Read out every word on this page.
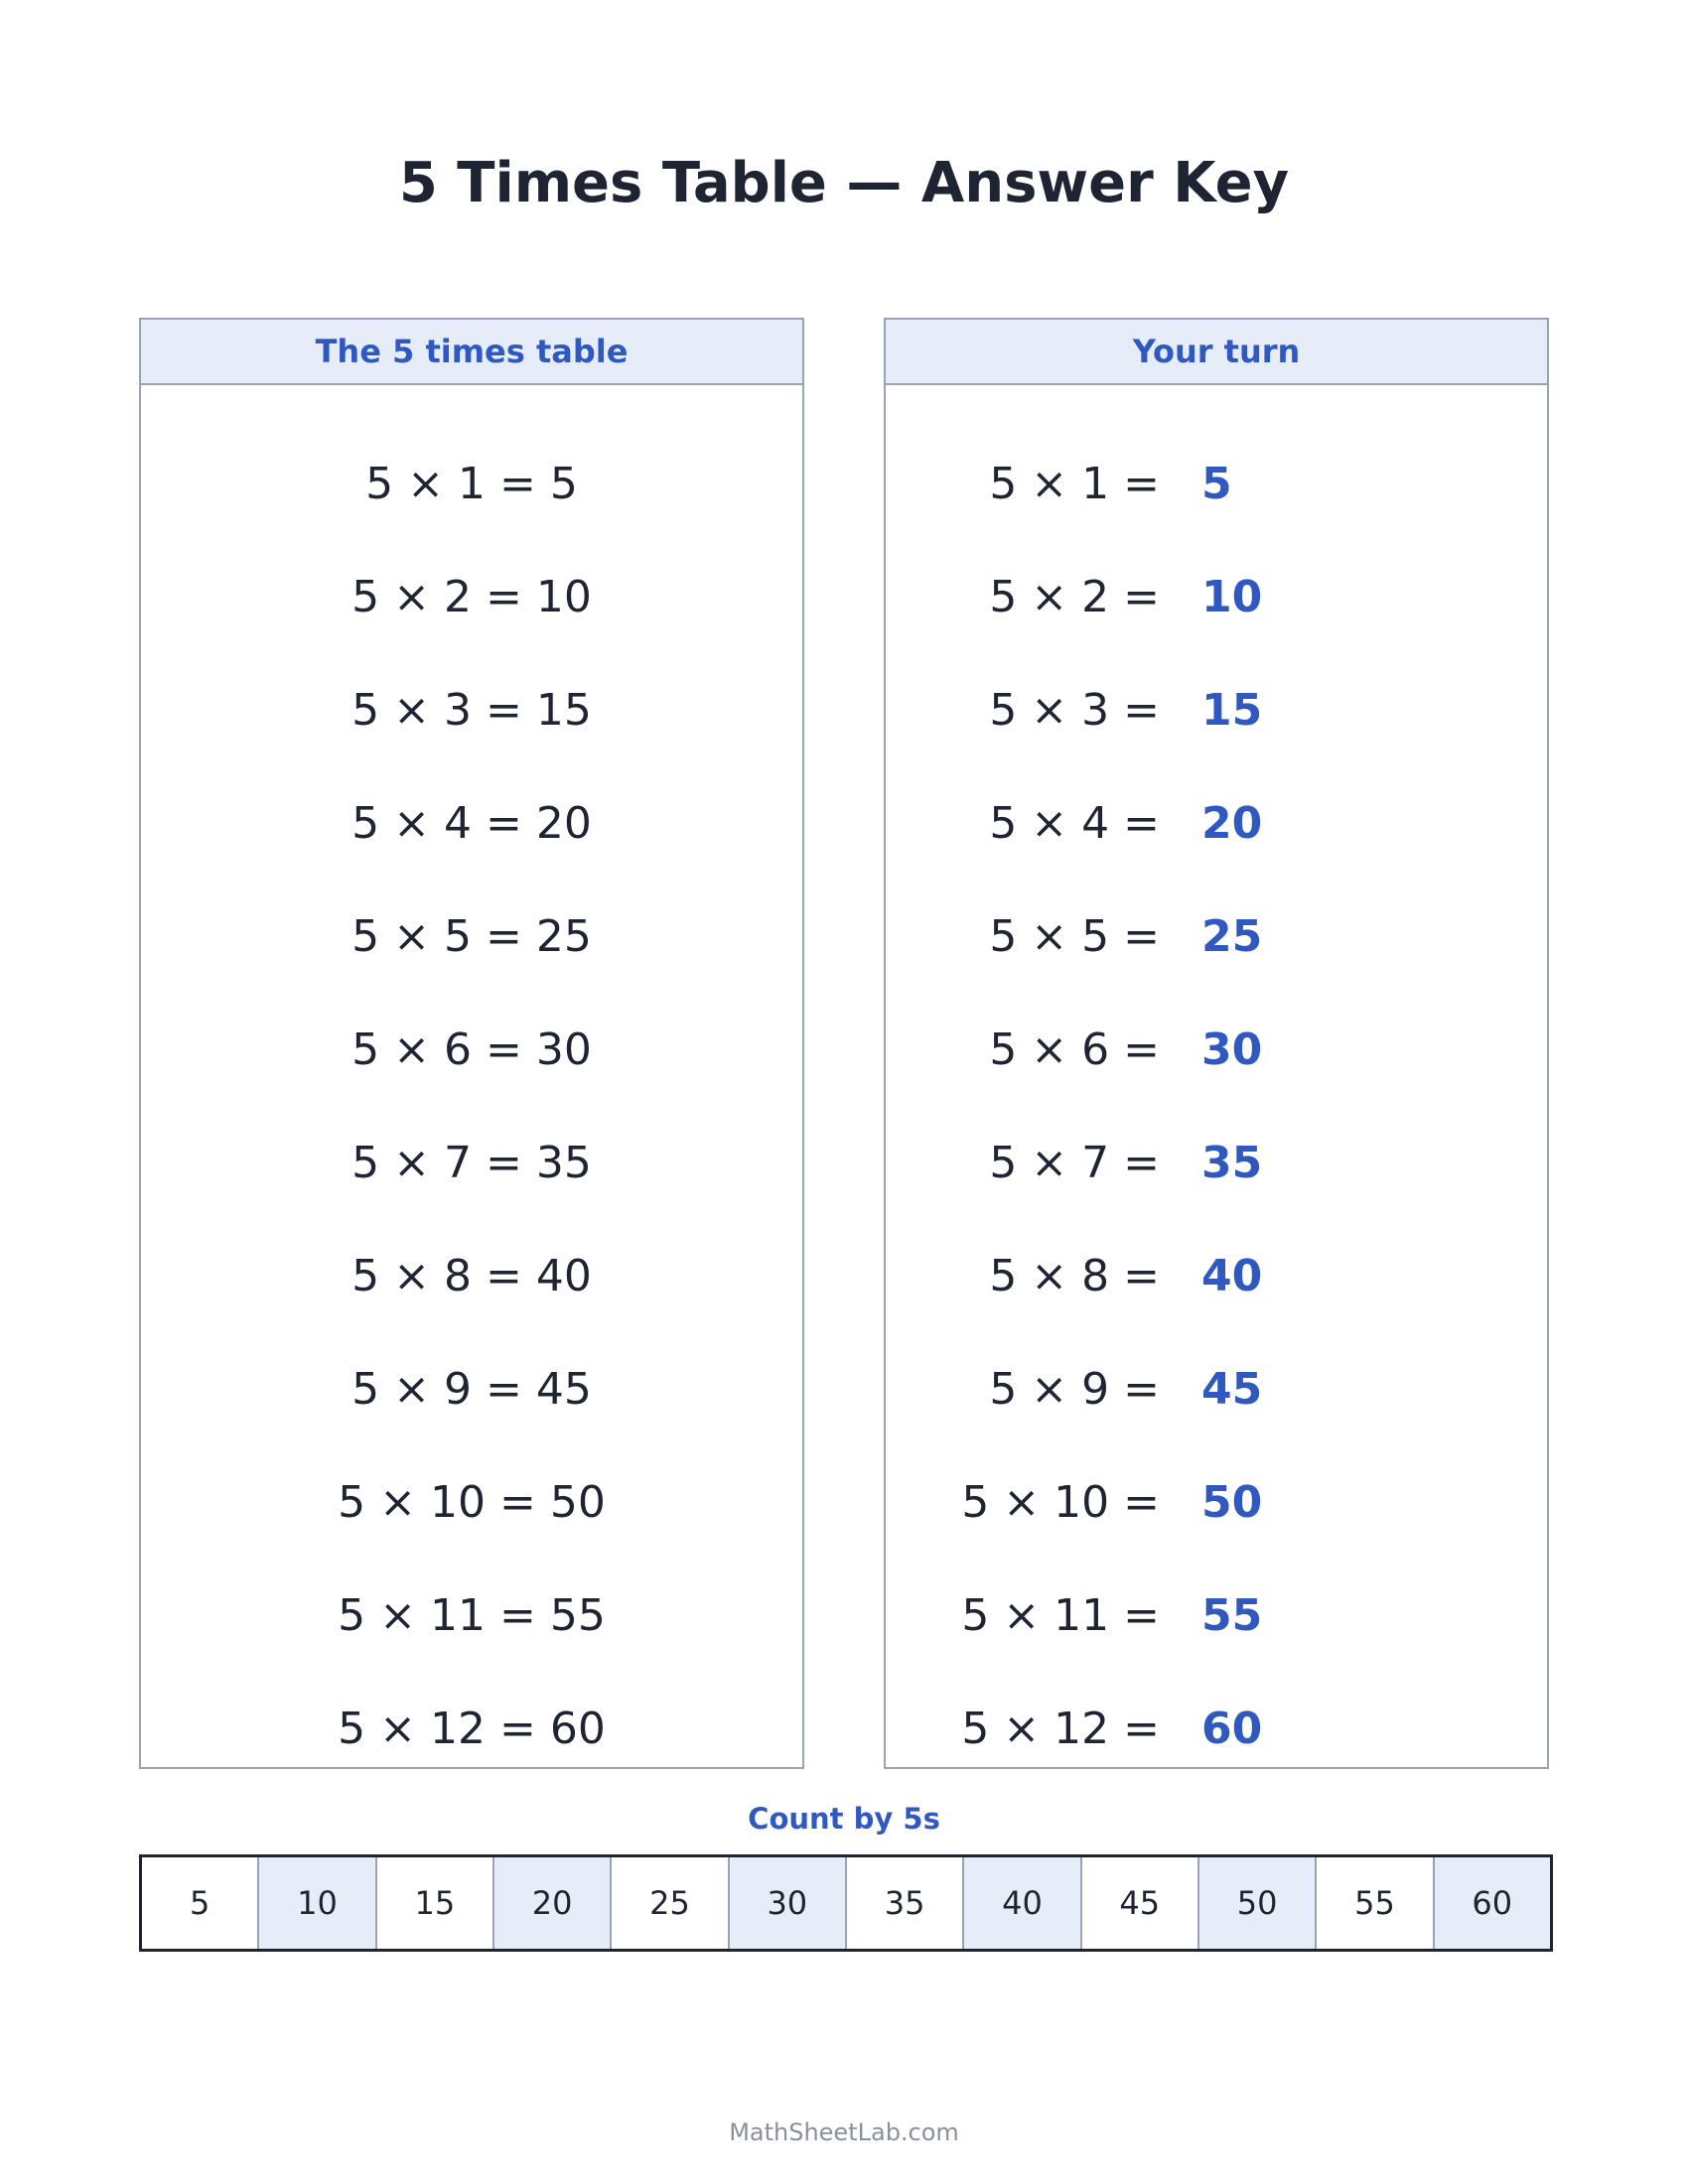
5 Times Table — Answer Key
The 5 times table
5 × 1 = 5
5 × 2 = 10
5 × 3 = 15
5 × 4 = 20
5 × 5 = 25
5 × 6 = 30
5 × 7 = 35
5 × 8 = 40
5 × 9 = 45
5 × 10 = 50
5 × 11 = 55
5 × 12 = 60
Your turn
5 × 1 = 5
5 × 2 = 10
5 × 3 = 15
5 × 4 = 20
5 × 5 = 25
5 × 6 = 30
5 × 7 = 35
5 × 8 = 40
5 × 9 = 45
5 × 10 = 50
5 × 11 = 55
5 × 12 = 60
Count by 5s
5	10	15	20	25	30	35	40	45	50	55	60
MathSheetLab.com
